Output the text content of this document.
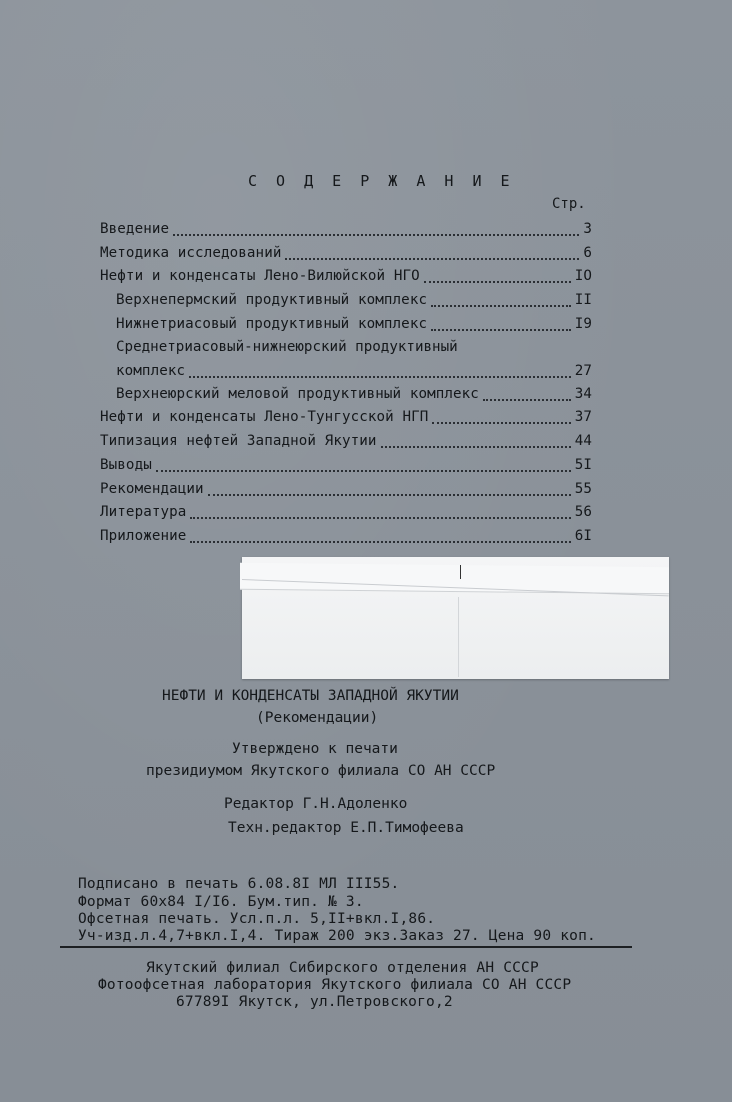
С О Д Е Р Ж А Н И Е
Стр.
Введение	3
Методика исследований	6
Нефти и конденсаты Лено-Вилюйской НГО	IO
Верхнепермский продуктивный комплекс	II
Нижнетриасовый продуктивный комплекс	I9
Среднетриасовый-нижнеюрский продуктивный
комплекс	27
Верхнеюрский меловой продуктивный комплекс	34
Нефти и конденсаты Лено-Тунгусской НГП	37
Типизация нефтей Западной Якутии	44
Выводы	5I
Рекомендации	55
Литература	56
Приложение	6I
НЕФТИ И КОНДЕНСАТЫ ЗАПАДНОЙ ЯКУТИИ
(Рекомендации)
Утверждено к печати
президиумом Якутского филиала СО АН СССР
Редактор Г.Н.Адоленко
Техн.редактор Е.П.Тимофеева
Подписано в печать 6.08.8I МЛ III55.
Формат 60х84 I/I6. Бум.тип. № 3.
Офсетная печать. Усл.п.л. 5,II+вкл.I,86.
Уч-изд.л.4,7+вкл.I,4. Тираж 200 экз.Заказ 27. Цена 90 коп.
Якутский филиал Сибирского отделения АН СССР
Фотоофсетная лаборатория Якутского филиала СО АН СССР
67789I Якутск, ул.Петровского,2
